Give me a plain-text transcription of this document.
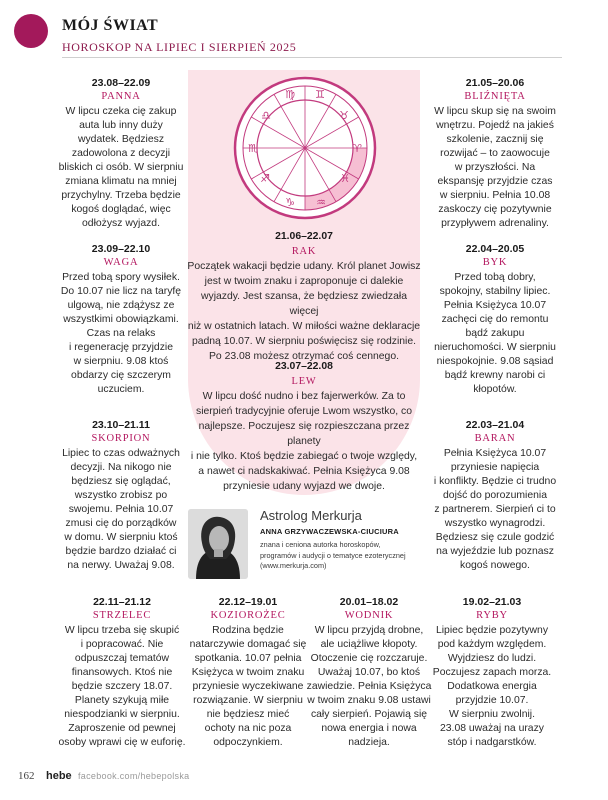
MÓJ ŚWIAT
HOROSKOP NA LIPIEC I SIERPIEŃ 2025
♊
♉
♈
♓
♒
♑
♐
♏
♎
♍
23.08–22.09
PANNA
W lipcu czeka cię zakup
auta lub inny duży
wydatek. Będziesz
zadowolona z decyzji
bliskich ci osób. W sierpniu
zmiana klimatu na mniej
przychylny. Trzeba będzie
kogoś doglądać, więc
odłożysz wyjazd.
23.09–22.10
WAGA
Przed tobą spory wysiłek.
Do 10.07 nie licz na taryfę
ulgową, nie zdążysz ze
wszystkimi obowiązkami.
Czas na relaks
i regenerację przyjdzie
w sierpniu. 9.08 ktoś
obdarzy cię szczerym
uczuciem.
23.10–21.11
SKORPION
Lipiec to czas odważnych
decyzji. Na nikogo nie
będziesz się oglądać,
wszystko zrobisz po
swojemu. Pełnia 10.07
zmusi cię do porządków
w domu. W sierpniu ktoś
będzie bardzo działać ci
na nerwy. Uważaj 9.08.
21.05–20.06
BLIŹNIĘTA
W lipcu skup się na swoim
wnętrzu. Pojedź na jakieś
szkolenie, zacznij się
rozwijać – to zaowocuje
w przyszłości. Na
ekspansję przyjdzie czas
w sierpniu. Pełnia 10.08
zaskoczy cię pozytywnie
przypływem adrenaliny.
22.04–20.05
BYK
Przed tobą dobry,
spokojny, stabilny lipiec.
Pełnia Księżyca 10.07
zachęci cię do remontu
bądź zakupu
nieruchomości. W sierpniu
niespokojnie. 9.08 sąsiad
bądź krewny narobi ci
kłopotów.
22.03–21.04
BARAN
Pełnia Księżyca 10.07
przyniesie napięcia
i konflikty. Będzie ci trudno
dojść do porozumienia
z partnerem. Sierpień ci to
wszystko wynagrodzi.
Będziesz się czule godzić
na wyjeździe lub poznasz
kogoś nowego.
21.06–22.07
RAK
Początek wakacji będzie udany. Król planet Jowisz
jest w twoim znaku i zaproponuje ci dalekie
wyjazdy. Jest szansa, że będziesz zwiedzała więcej
niż w ostatnich latach. W miłości ważne deklaracje
padną 10.07. W sierpniu poświęcisz się rodzinie.
Po 23.08 możesz otrzymać coś cennego.
23.07–22.08
LEW
W lipcu dość nudno i bez fajerwerków. Za to
sierpień tradycyjnie oferuje Lwom wszystko, co
najlepsze. Poczujesz się rozpieszczana przez planety
i nie tylko. Ktoś będzie zabiegać o twoje względy,
a nawet ci nadskakiwać. Pełnia Księżyca 9.08
przyniesie udany wyjazd we dwoje.
Astrolog Merkurja
ANNA GRZYWACZEWSKA-CIUCIURA
znana i ceniona autorka horoskopów,
programów i audycji o tematyce ezoterycznej
(www.merkurja.com)
22.11–21.12
STRZELEC
W lipcu trzeba się skupić
i popracować. Nie
odpuszczaj tematów
finansowych. Ktoś nie
będzie szczery 18.07.
Planety szykują miłe
niespodzianki w sierpniu.
Zaproszenie od pewnej
osoby wprawi cię w euforię.
22.12–19.01
KOZIOROŻEC
Rodzina będzie
natarczywie domagać się
spotkania. 10.07 pełnia
Księżyca w twoim znaku
przyniesie wyczekiwane
rozwiązanie. W sierpniu
nie będziesz mieć
ochoty na nic poza
odpoczynkiem.
20.01–18.02
WODNIK
W lipcu przyjdą drobne,
ale uciążliwe kłopoty.
Otoczenie cię rozczaruje.
Uważaj 10.07, bo ktoś
zawiedzie. Pełnia Księżyca
w twoim znaku 9.08 ustawi
cały sierpień. Pojawią się
nowa energia i nowa
nadzieja.
19.02–21.03
RYBY
Lipiec będzie pozytywny
pod każdym względem.
Wyjdziesz do ludzi.
Poczujesz zapach morza.
Dodatkowa energia
przyjdzie 10.07.
W sierpniu zwolnij.
23.08 uważaj na urazy
stóp i nadgarstków.
162 hebe facebook.com/hebepolska
